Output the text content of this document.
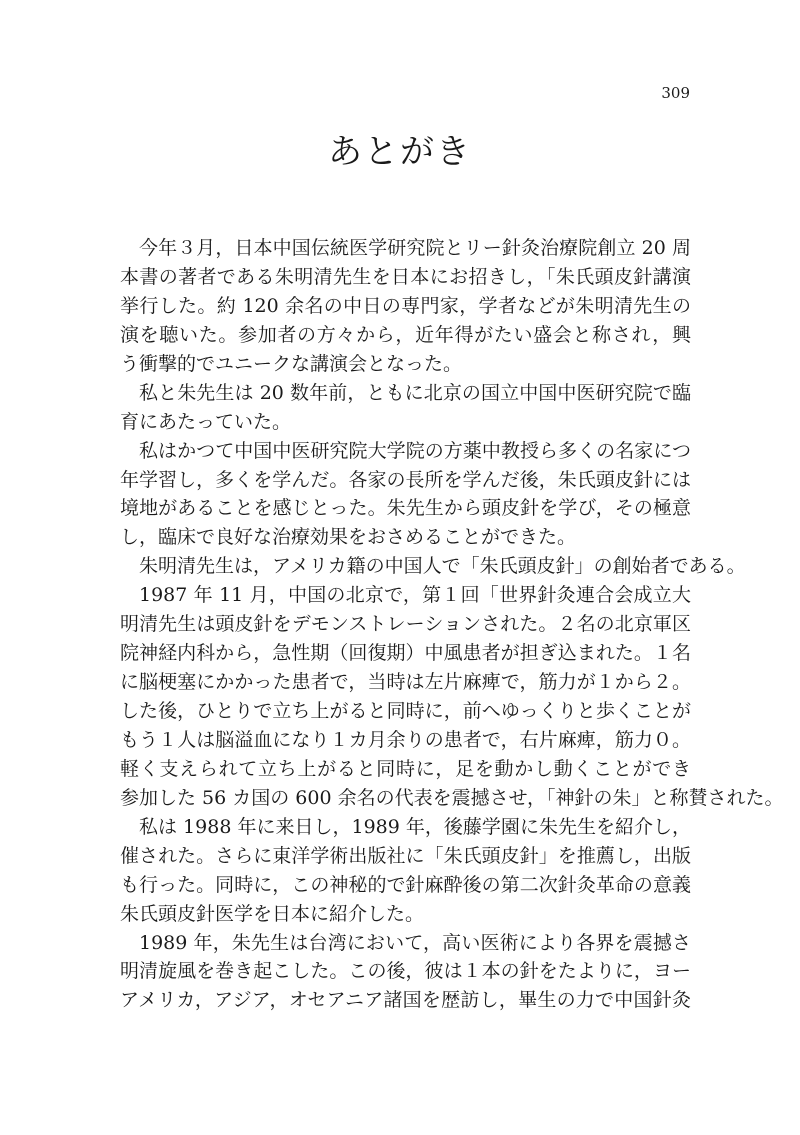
309
あとがき
今年３月，日本中国伝統医学研究院とリー針灸治療院創立 20 周
本書の著者である朱明清先生を日本にお招きし，「朱氏頭皮針講演
挙行した。約 120 余名の中日の専門家，学者などが朱明清先生の
演を聴いた。参加者の方々から，近年得がたい盛会と称され，興
う衝撃的でユニークな講演会となった。
私と朱先生は 20 数年前，ともに北京の国立中国中医研究院で臨
育にあたっていた。
私はかつて中国中医研究院大学院の方薬中教授ら多くの名家につ
年学習し，多くを学んだ。各家の長所を学んだ後，朱氏頭皮針には
境地があることを感じとった。朱先生から頭皮針を学び，その極意
し，臨床で良好な治療効果をおさめることができた。
朱明清先生は，アメリカ籍の中国人で「朱氏頭皮針」の創始者である。
1987 年 11 月，中国の北京で，第１回「世界針灸連合会成立大
明清先生は頭皮針をデモンストレーションされた。２名の北京軍区
院神経内科から，急性期（回復期）中風患者が担ぎ込まれた。１名
に脳梗塞にかかった患者で，当時は左片麻痺で，筋力が１から２。
した後，ひとりで立ち上がると同時に，前へゆっくりと歩くことが
もう１人は脳溢血になり１カ月余りの患者で，右片麻痺，筋力０。
軽く支えられて立ち上がると同時に，足を動かし動くことができ
参加した 56 カ国の 600 余名の代表を震撼させ，「神針の朱」と称賛された。
私は 1988 年に来日し，1989 年，後藤学園に朱先生を紹介し，
催された。さらに東洋学術出版社に「朱氏頭皮針」を推薦し，出版
も行った。同時に，この神秘的で針麻酔後の第二次針灸革命の意義
朱氏頭皮針医学を日本に紹介した。
1989 年，朱先生は台湾において，高い医術により各界を震撼さ
明清旋風を巻き起こした。この後，彼は１本の針をたよりに，ヨー
アメリカ，アジア，オセアニア諸国を歴訪し，畢生の力で中国針灸
